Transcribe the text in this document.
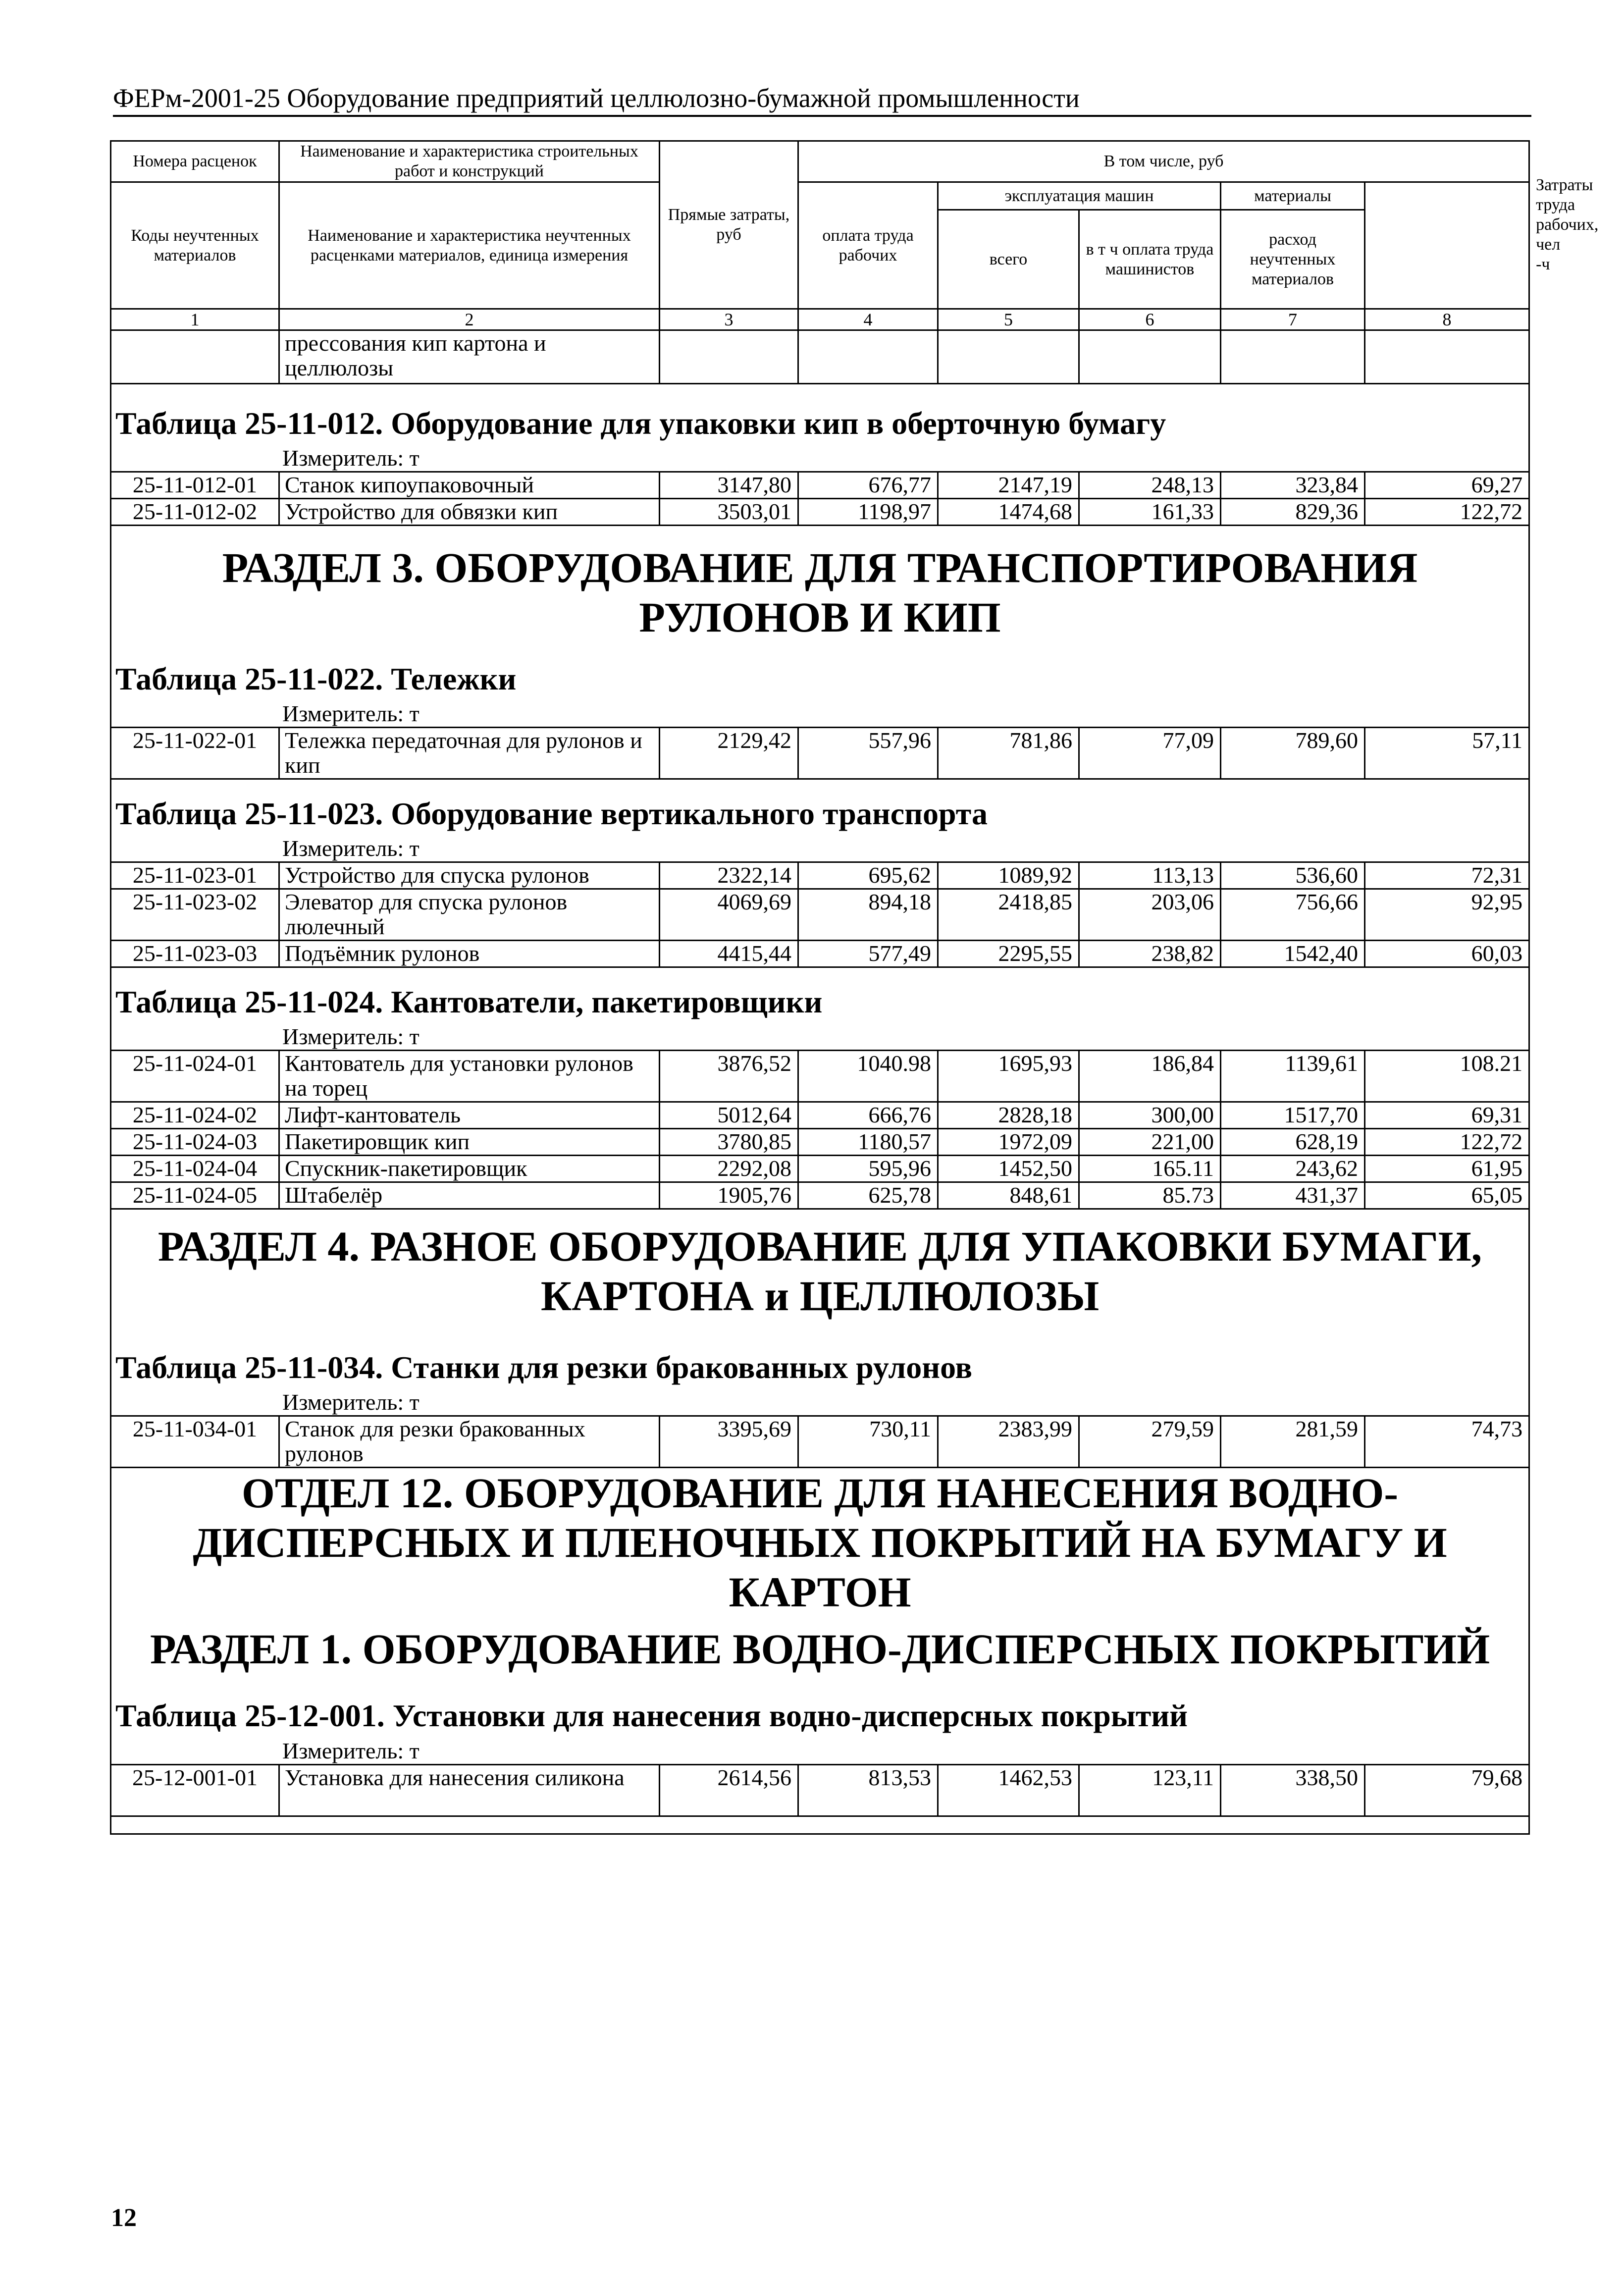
ФЕРм-2001-25 Оборудование предприятий целлюлозно-бумажной промышленности
Номера расценок	Наименование и характеристика строительных работ и конструкций	Прямые затраты, руб	В том числе, руб					Затраты труда рабочих, чел -ч
Коды неучтенных материалов	Наименование и характеристика неучтенных расценками материалов, единица измерения		оплата труда рабочих	эксплуатация машин		материалы		
				всего	в т ч оплата труда машинистов	расход неучтенных материалов		
1	2	3	4	5	6	7	8	
	прессования кип картона и целлюлозы							
Таблица 25-11-012. Оборудование для упаковки кип в оберточную бумагу								
Измеритель: т								
25-11-012-01	Станок кипоупаковочный	3147,80	676,77	2147,19	248,13	323,84	69,27	
25-11-012-02	Устройство для обвязки кип	3503,01	1198,97	1474,68	161,33	829,36	122,72	
РАЗДЕЛ 3. ОБОРУДОВАНИЕ ДЛЯ ТРАНСПОРТИРОВАНИЯ РУЛОНОВ И КИП								
Таблица 25-11-022. Тележки								
Измеритель: т								
25-11-022-01	Тележка передаточная для рулонов и кип	2129,42	557,96	781,86	77,09	789,60	57,11	
Таблица 25-11-023. Оборудование вертикального транспорта								
Измеритель: т								
25-11-023-01	Устройство для спуска рулонов	2322,14	695,62	1089,92	113,13	536,60	72,31	
25-11-023-02	Элеватор для спуска рулонов люлечный	4069,69	894,18	2418,85	203,06	756,66	92,95	
25-11-023-03	Подъёмник рулонов	4415,44	577,49	2295,55	238,82	1542,40	60,03	
Таблица 25-11-024. Кантователи, пакетировщики								
Измеритель: т								
25-11-024-01	Кантователь для установки рулонов на торец	3876,52	1040.98	1695,93	186,84	1139,61	108.21	
25-11-024-02	Лифт-кантователь	5012,64	666,76	2828,18	300,00	1517,70	69,31	
25-11-024-03	Пакетировщик кип	3780,85	1180,57	1972,09	221,00	628,19	122,72	
25-11-024-04	Спускник-пакетировщик	2292,08	595,96	1452,50	165.11	243,62	61,95	
25-11-024-05	Штабелёр	1905,76	625,78	848,61	85.73	431,37	65,05	
РАЗДЕЛ 4. РАЗНОЕ ОБОРУДОВАНИЕ ДЛЯ УПАКОВКИ БУМАГИ, КАРТОНА и ЦЕЛЛЮЛОЗЫ								
Таблица 25-11-034. Станки для резки бракованных рулонов								
Измеритель: т								
25-11-034-01	Станок для резки бракованных рулонов	3395,69	730,11	2383,99	279,59	281,59	74,73	
ОТДЕЛ 12. ОБОРУДОВАНИЕ ДЛЯ НАНЕСЕНИЯ ВОДНО-ДИСПЕРСНЫХ И ПЛЕНОЧНЫХ ПОКРЫТИЙ НА БУМАГУ И КАРТОН								
РАЗДЕЛ 1. ОБОРУДОВАНИЕ ВОДНО-ДИСПЕРСНЫХ ПОКРЫТИЙ								
Таблица 25-12-001. Установки для нанесения водно-дисперсных покрытий								
Измеритель: т								
25-12-001-01	Установка для нанесения силикона	2614,56	813,53	1462,53	123,11	338,50	79,68	

12
